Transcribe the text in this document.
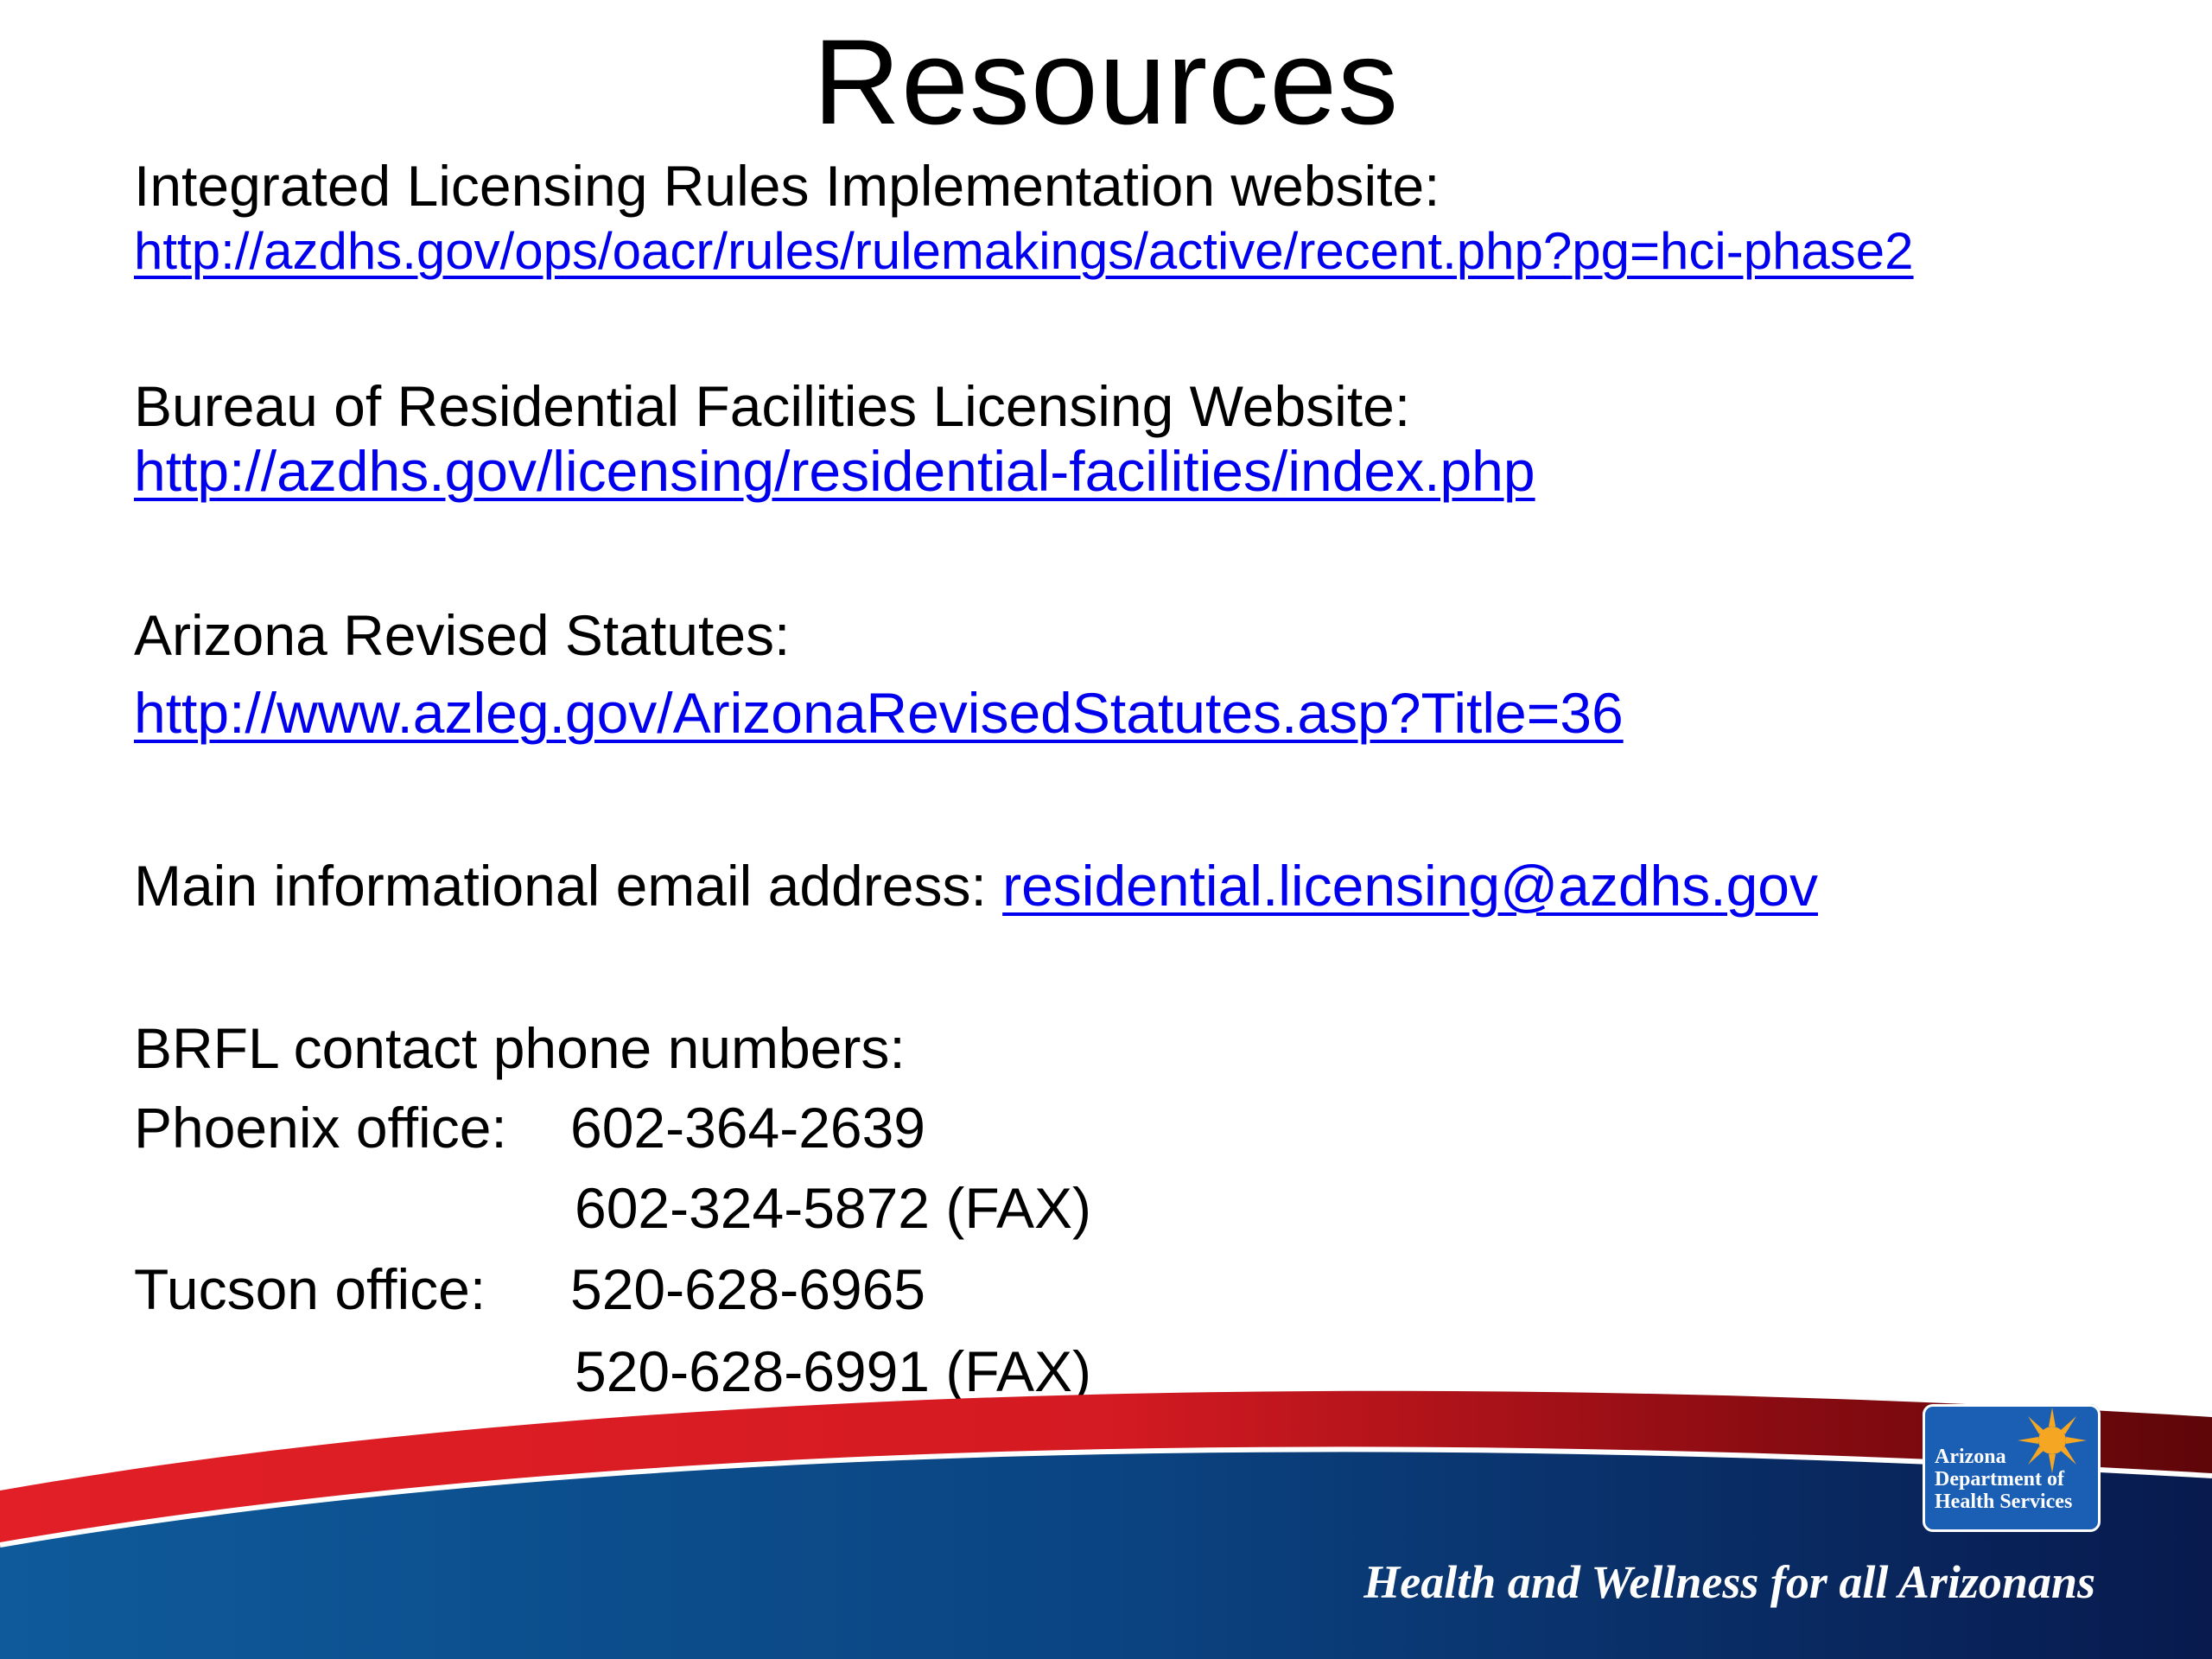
Resources
Integrated Licensing Rules Implementation website:
http://azdhs.gov/ops/oacr/rules/rulemakings/active/recent.php?pg=hci-phase2
Bureau of Residential Facilities Licensing Website:
http://azdhs.gov/licensing/residential-facilities/index.php
Arizona Revised Statutes:
http://www.azleg.gov/ArizonaRevisedStatutes.asp?Title=36
Main informational email address: residential.licensing@azdhs.gov
BRFL contact phone numbers:
Phoenix office: 602-364-2639
602-324-5872 (FAX)
Tucson office: 520-628-6965
520-628-6991 (FAX)
Arizona
Department of
Health Services
Health and Wellness for all Arizonans
